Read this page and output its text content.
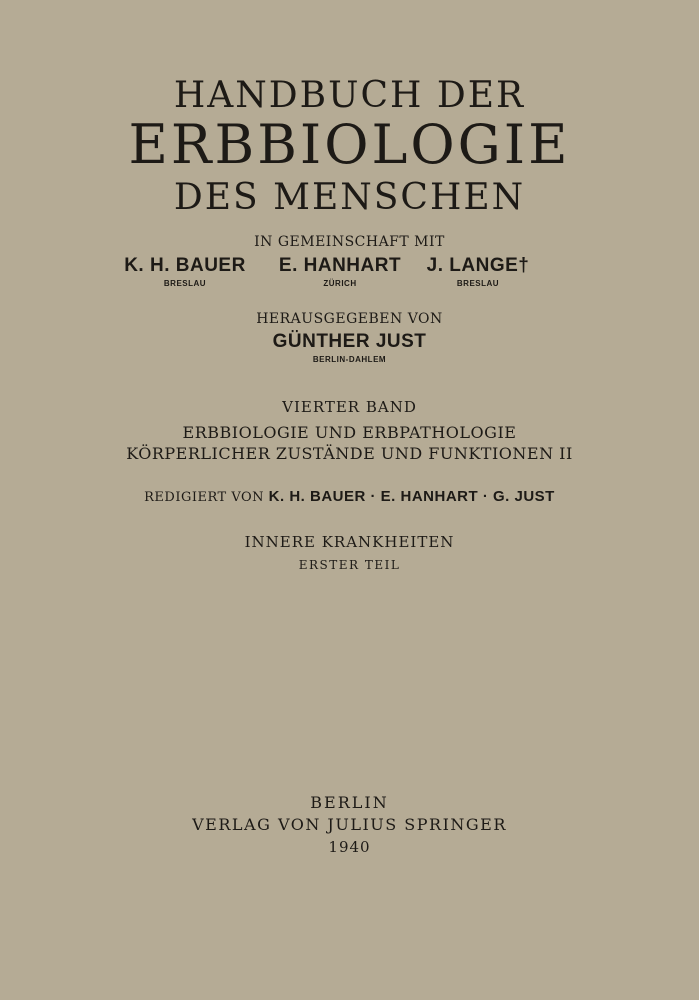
HANDBUCH DER
ERBBIOLOGIE
DES MENSCHEN
IN GEMEINSCHAFT MIT
K. H. BAUER
BRESLAU
E. HANHART
ZÜRICH
J. LANGE†
BRESLAU
HERAUSGEGEBEN VON
GÜNTHER JUST
BERLIN-DAHLEM
VIERTER BAND
ERBBIOLOGIE UND ERBPATHOLOGIE
KÖRPERLICHER ZUSTÄNDE UND FUNKTIONEN II
REDIGIERT VON K. H. BAUER · E. HANHART · G. JUST
INNERE KRANKHEITEN
ERSTER TEIL
BERLIN
VERLAG VON JULIUS SPRINGER
1940
